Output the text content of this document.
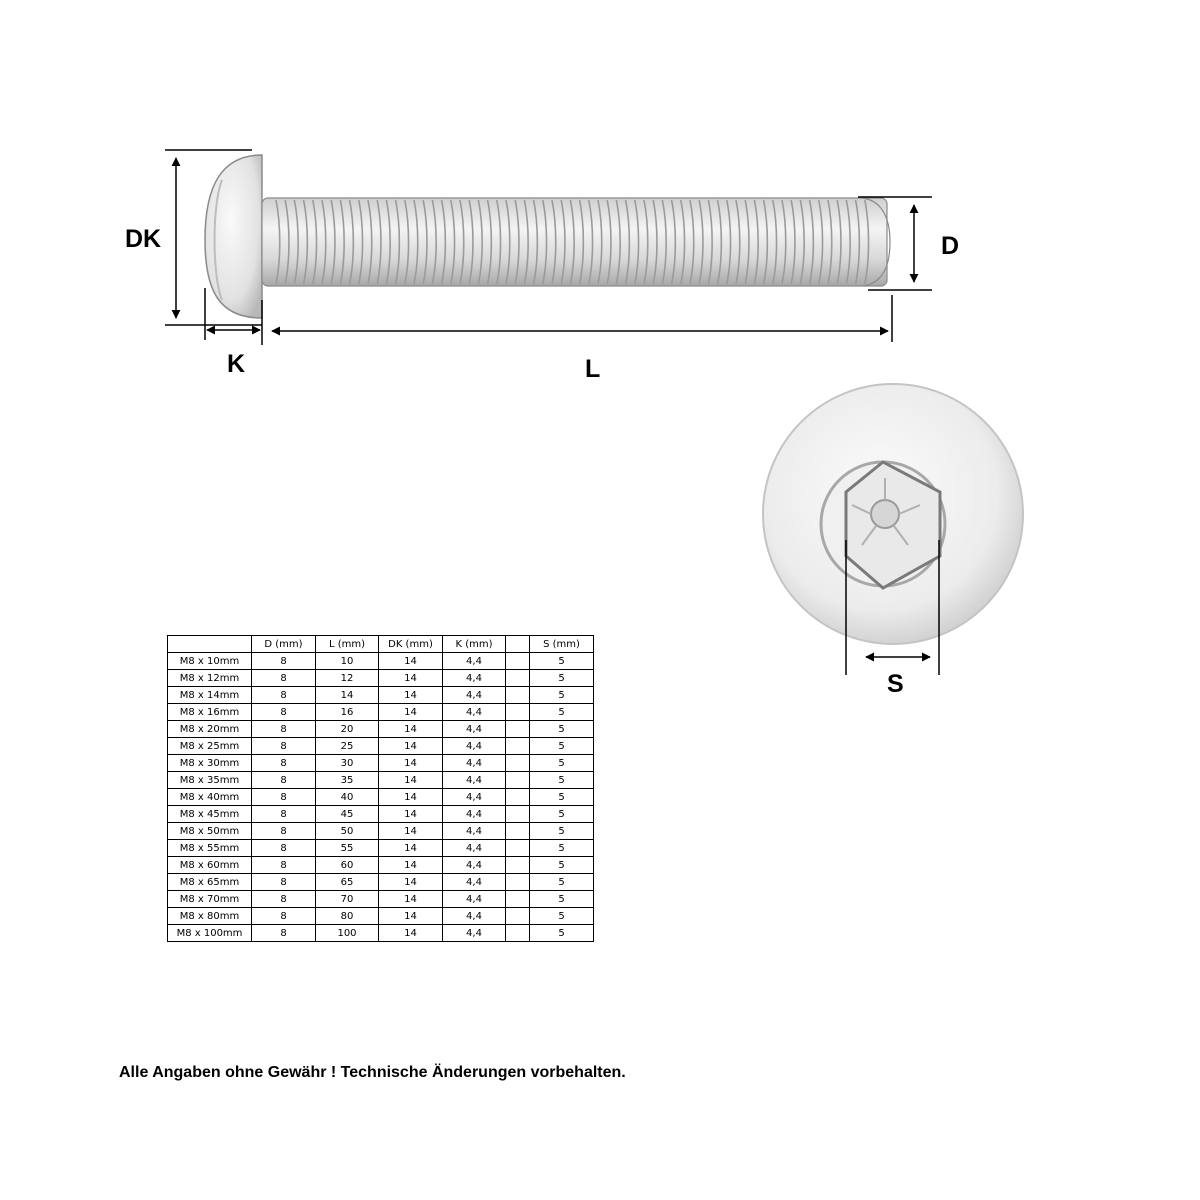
DK	D
K	L
S
	D (mm)	L (mm)	DK (mm)	K (mm)		S (mm)
M8 x 10mm	8	10	14	4,4		5
M8 x 12mm	8	12	14	4,4		5
M8 x 14mm	8	14	14	4,4		5
M8 x 16mm	8	16	14	4,4		5
M8 x 20mm	8	20	14	4,4		5
M8 x 25mm	8	25	14	4,4		5
M8 x 30mm	8	30	14	4,4		5
M8 x 35mm	8	35	14	4,4		5
M8 x 40mm	8	40	14	4,4		5
M8 x 45mm	8	45	14	4,4		5
M8 x 50mm	8	50	14	4,4		5
M8 x 55mm	8	55	14	4,4		5
M8 x 60mm	8	60	14	4,4		5
M8 x 65mm	8	65	14	4,4		5
M8 x 70mm	8	70	14	4,4		5
M8 x 80mm	8	80	14	4,4		5
M8 x 100mm	8	100	14	4,4		5
Alle Angaben ohne Gewähr ! Technische Änderungen vorbehalten.
